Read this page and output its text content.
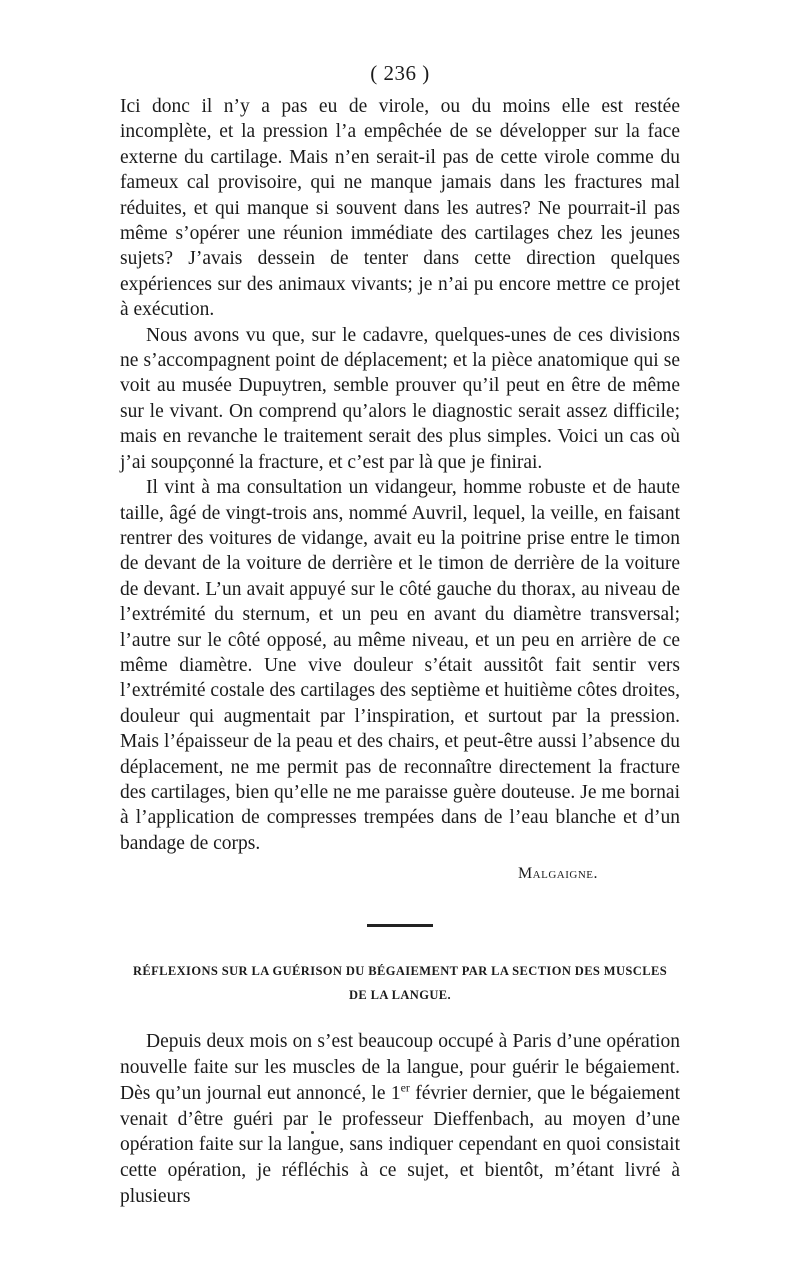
( 236 )

Ici donc il n’y a pas eu de virole, ou du moins elle est restée incomplète, et la pression l’a empêchée de se développer sur la face externe du cartilage. Mais n’en serait-il pas de cette virole comme du fameux cal provisoire, qui ne manque jamais dans les fractures mal réduites, et qui manque si souvent dans les autres? Ne pourrait-il pas même s’opérer une réunion immédiate des cartilages chez les jeunes sujets? J’avais dessein de tenter dans cette direction quelques expériences sur des animaux vivants; je n’ai pu encore mettre ce projet à exécution.

Nous avons vu que, sur le cadavre, quelques-unes de ces divisions ne s’accompagnent point de déplacement; et la pièce anatomique qui se voit au musée Dupuytren, semble prouver qu’il peut en être de même sur le vivant. On comprend qu’alors le diagnostic serait assez difficile; mais en revanche le traitement serait des plus simples. Voici un cas où j’ai soupçonné la fracture, et c’est par là que je finirai.

Il vint à ma consultation un vidangeur, homme robuste et de haute taille, âgé de vingt-trois ans, nommé Auvril, lequel, la veille, en faisant rentrer des voitures de vidange, avait eu la poitrine prise entre le timon de devant de la voiture de derrière et le timon de derrière de la voiture de devant. L’un avait appuyé sur le côté gauche du thorax, au niveau de l’extrémité du sternum, et un peu en avant du diamètre transversal; l’autre sur le côté opposé, au même niveau, et un peu en arrière de ce même diamètre. Une vive douleur s’était aussitôt fait sentir vers l’extrémité costale des cartilages des septième et huitième côtes droites, douleur qui augmentait par l’inspiration, et surtout par la pression. Mais l’épaisseur de la peau et des chairs, et peut-être aussi l’absence du déplacement, ne me permit pas de reconnaître directement la fracture des cartilages, bien qu’elle ne me paraisse guère douteuse. Je me bornai à l’application de compresses trempées dans de l’eau blanche et d’un bandage de corps.

Malgaigne.
RÉFLEXIONS SUR LA GUÉRISON DU BÉGAIEMENT PAR LA SECTION DES MUSCLES
DE LA LANGUE.

Depuis deux mois on s’est beaucoup occupé à Paris d’une opération nouvelle faite sur les muscles de la langue, pour guérir le bégaiement. Dès qu’un journal eut annoncé, le 1er février dernier, que le bégaiement venait d’être guéri par le professeur Dieffenbach, au moyen d’une opération faite sur la langue, sans indiquer cependant en quoi consistait cette opération, je réfléchis à ce sujet, et bientôt, m’étant livré à plusieurs
